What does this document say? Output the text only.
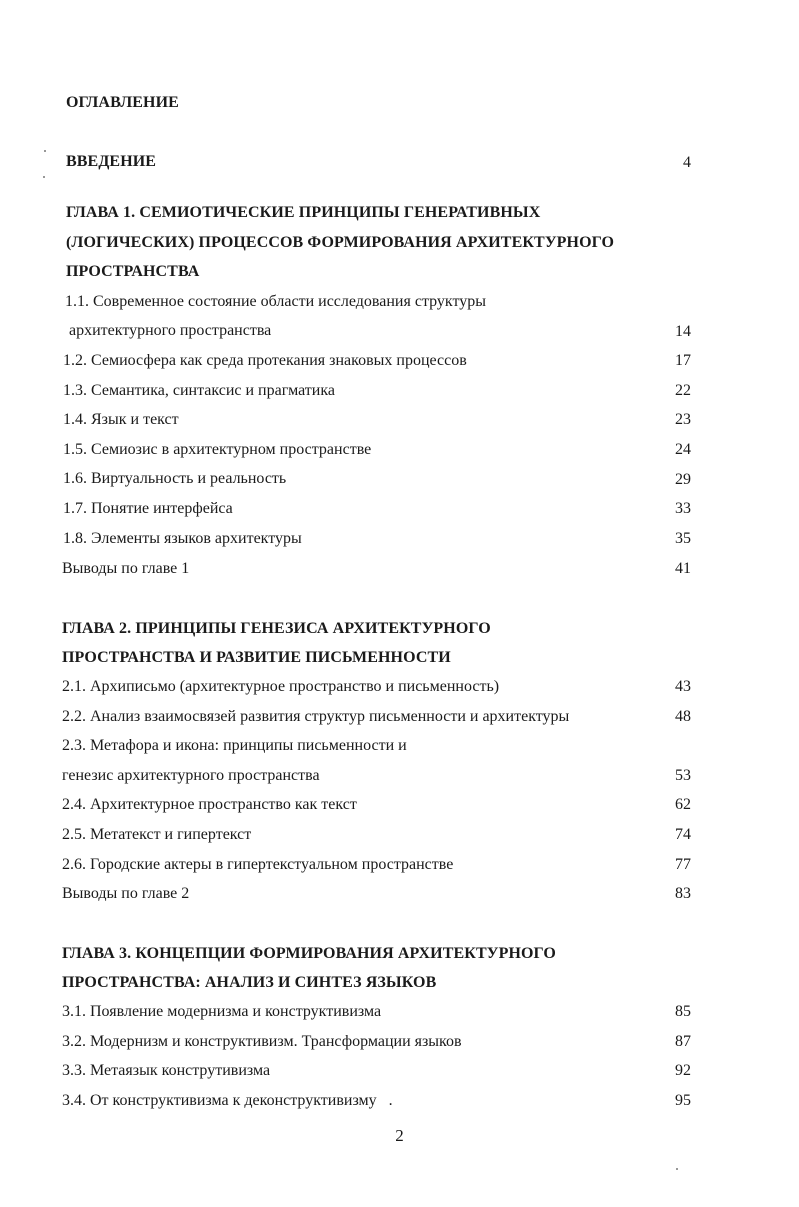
ОГЛАВЛЕНИЕ
ВВЕДЕНИЕ	4
ГЛАВА 1. СЕМИОТИЧЕСКИЕ ПРИНЦИПЫ ГЕНЕРАТИВНЫХ
(ЛОГИЧЕСКИХ) ПРОЦЕССОВ ФОРМИРОВАНИЯ АРХИТЕКТУРНОГО
ПРОСТРАНСТВА
1.1. Современное состояние области исследования структуры
архитектурного пространства	14
1.2. Семиосфера как среда протекания знаковых процессов	17
1.3. Семантика, синтаксис и прагматика	22
1.4. Язык и текст	23
1.5. Семиозис в архитектурном пространстве	24
1.6. Виртуальность и реальность	29
1.7. Понятие интерфейса	33
1.8. Элементы языков архитектуры	35
Выводы по главе 1	41
ГЛАВА 2. ПРИНЦИПЫ ГЕНЕЗИСА АРХИТЕКТУРНОГО
ПРОСТРАНСТВА И РАЗВИТИЕ ПИСЬМЕННОСТИ
2.1. Архиписьмо (архитектурное пространство и письменность)	43
2.2. Анализ взаимосвязей развития структур письменности и архитектуры	48
2.3. Метафора и икона: принципы письменности и
генезис архитектурного пространства	53
2.4. Архитектурное пространство как текст	62
2.5. Метатекст и гипертекст	74
2.6. Городские актеры в гипертекстуальном пространстве	77
Выводы по главе 2	83
ГЛАВА 3. КОНЦЕПЦИИ ФОРМИРОВАНИЯ АРХИТЕКТУРНОГО
ПРОСТРАНСТВА: АНАЛИЗ И СИНТЕЗ ЯЗЫКОВ
3.1. Появление модернизма и конструктивизма	85
3.2. Модернизм и конструктивизм. Трансформации языков	87
3.3. Метаязык конструтивизма	92
3.4. От конструктивизма к деконструктивизму   .	95
2
